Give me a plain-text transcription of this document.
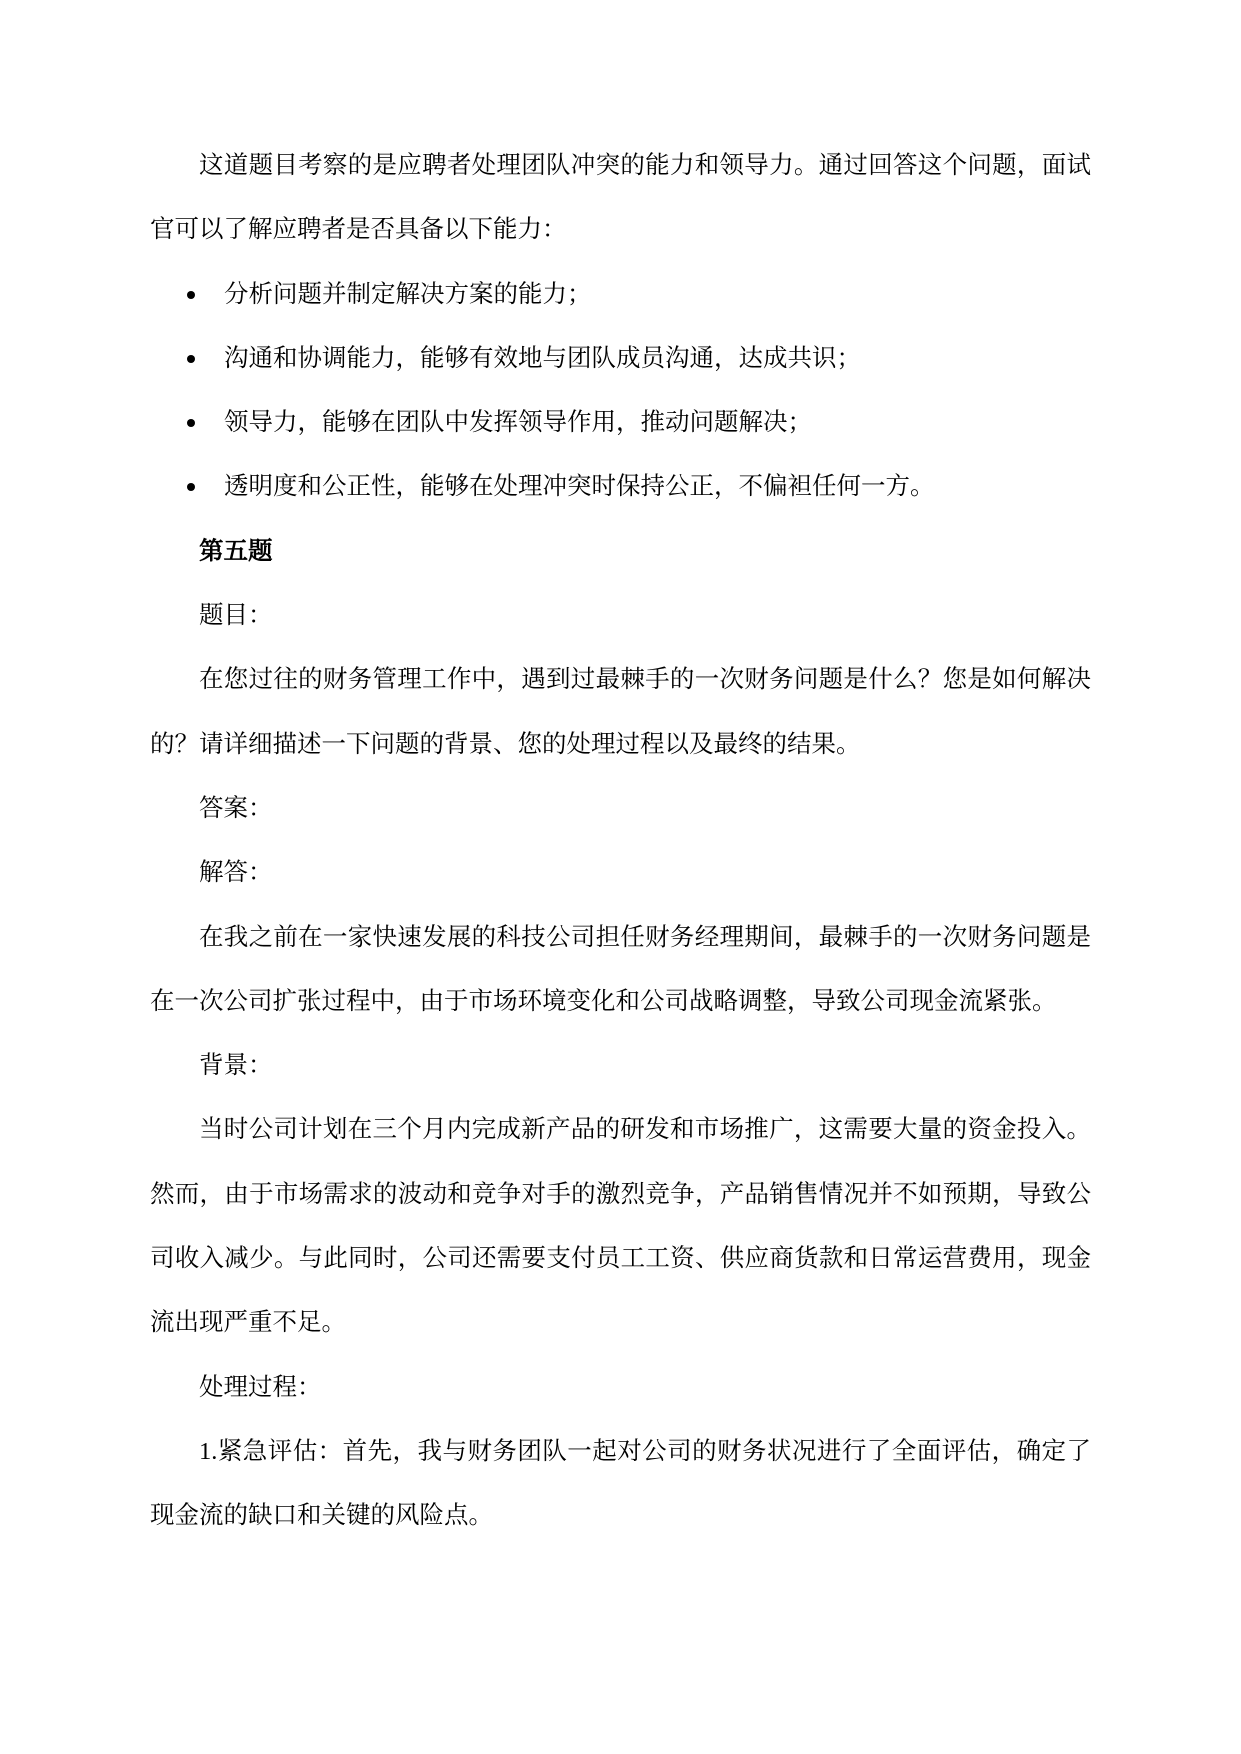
这道题目考察的是应聘者处理团队冲突的能力和领导力。通过回答这个问题，面试官可以了解应聘者是否具备以下能力：

分析问题并制定解决方案的能力；
沟通和协调能力，能够有效地与团队成员沟通，达成共识；
领导力，能够在团队中发挥领导作用，推动问题解决；
透明度和公正性，能够在处理冲突时保持公正，不偏袒任何一方。

第五题

题目：

在您过往的财务管理工作中，遇到过最棘手的一次财务问题是什么？您是如何解决的？请详细描述一下问题的背景、您的处理过程以及最终的结果。

答案：

解答：

在我之前在一家快速发展的科技公司担任财务经理期间，最棘手的一次财务问题是在一次公司扩张过程中，由于市场环境变化和公司战略调整，导致公司现金流紧张。

背景：

当时公司计划在三个月内完成新产品的研发和市场推广，这需要大量的资金投入。然而，由于市场需求的波动和竞争对手的激烈竞争，产品销售情况并不如预期，导致公司收入减少。与此同时，公司还需要支付员工工资、供应商货款和日常运营费用，现金流出现严重不足。

处理过程：

1.紧急评估：首先，我与财务团队一起对公司的财务状况进行了全面评估，确定了现金流的缺口和关键的风险点。
